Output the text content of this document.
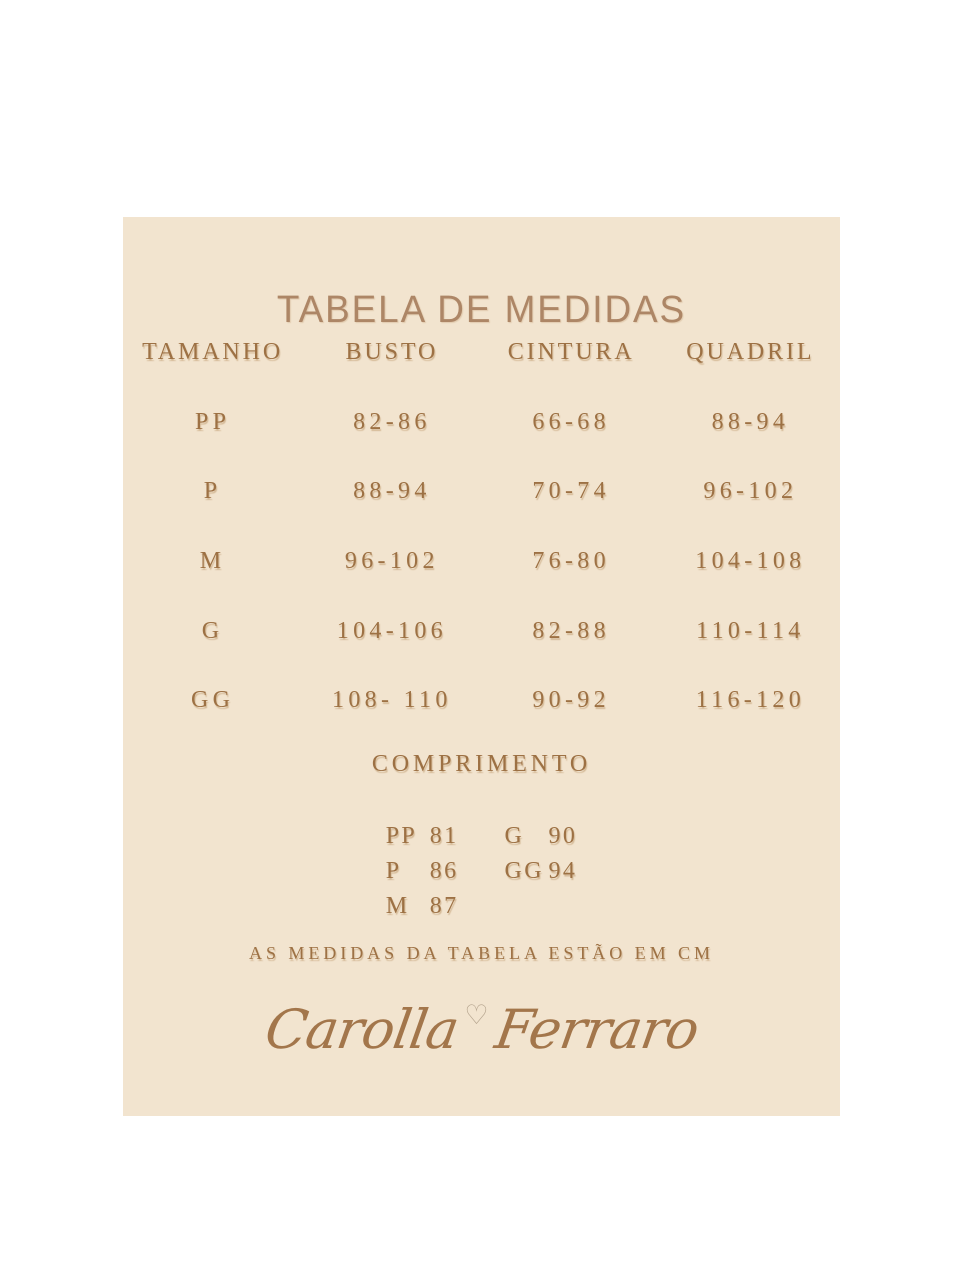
TABELA DE MEDIDAS
TAMANHO	BUSTO	CINTURA	QUADRIL
PP	82-86	66-68	88-94
P	88-94	70-74	96-102
M	96-102	76-80	104-108
G	104-106	82-88	110-114
GG	108- 110	90-92	116-120
COMPRIMENTO
PP 81
P	86
M 87
G	90
GG 94
AS MEDIDAS DA TABELA ESTÃO EM CM
Carolla ♡ Ferraro
